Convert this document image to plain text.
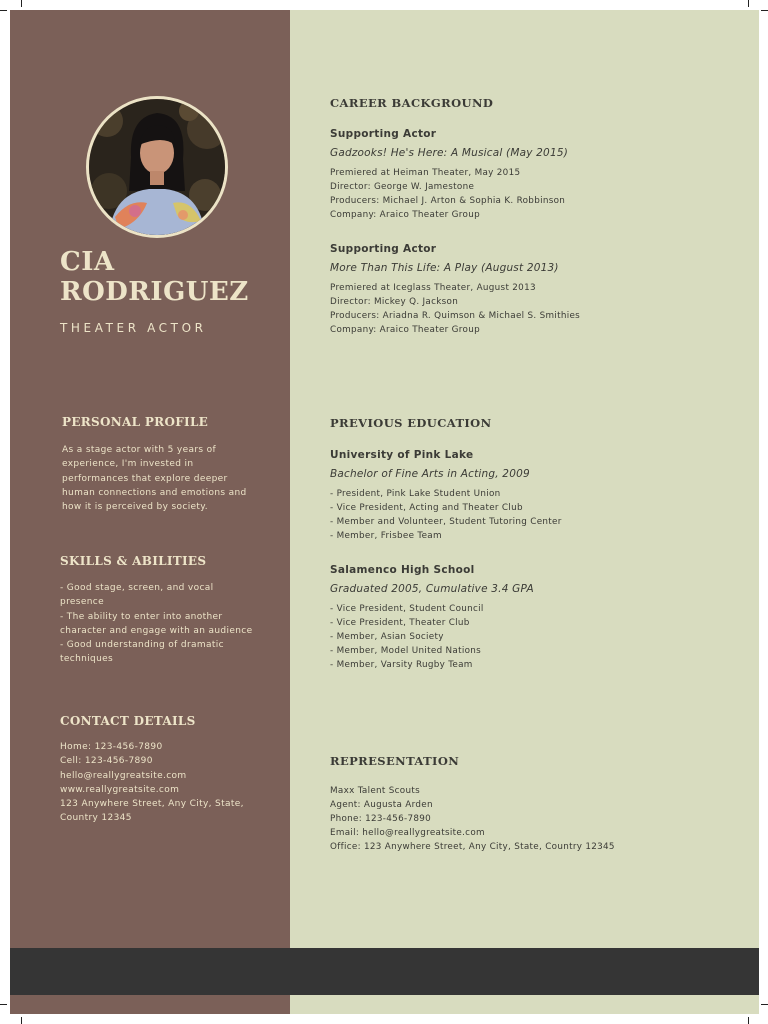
CIA
RODRIGUEZ
THEATER ACTOR
PERSONAL PROFILE
As a stage actor with 5 years of
experience, I'm invested in
performances that explore deeper
human connections and emotions and
how it is perceived by society.
SKILLS & ABILITIES
- Good stage, screen, and vocal
presence
- The ability to enter into another
character and engage with an audience
- Good understanding of dramatic
techniques
CONTACT DETAILS
Home: 123-456-7890
Cell: 123-456-7890
hello@reallygreatsite.com
www.reallygreatsite.com
123 Anywhere Street, Any City, State,
Country 12345
CAREER BACKGROUND
Supporting Actor
Gadzooks! He's Here: A Musical (May 2015)
Premiered at Heiman Theater, May 2015
Director: George W. Jamestone
Producers: Michael J. Arton & Sophia K. Robbinson
Company: Araico Theater Group
Supporting Actor
More Than This Life: A Play (August 2013)
Premiered at Iceglass Theater, August 2013
Director: Mickey Q. Jackson
Producers: Ariadna R. Quimson & Michael S. Smithies
Company: Araico Theater Group
PREVIOUS EDUCATION
University of Pink Lake
Bachelor of Fine Arts in Acting, 2009
- President, Pink Lake Student Union
- Vice President, Acting and Theater Club
- Member and Volunteer, Student Tutoring Center
- Member, Frisbee Team
Salamenco High School
Graduated 2005, Cumulative 3.4 GPA
- Vice President, Student Council
- Vice President, Theater Club
- Member, Asian Society
- Member, Model United Nations
- Member, Varsity Rugby Team
REPRESENTATION
Maxx Talent Scouts
Agent: Augusta Arden
Phone: 123-456-7890
Email: hello@reallygreatsite.com
Office: 123 Anywhere Street, Any City, State, Country 12345
